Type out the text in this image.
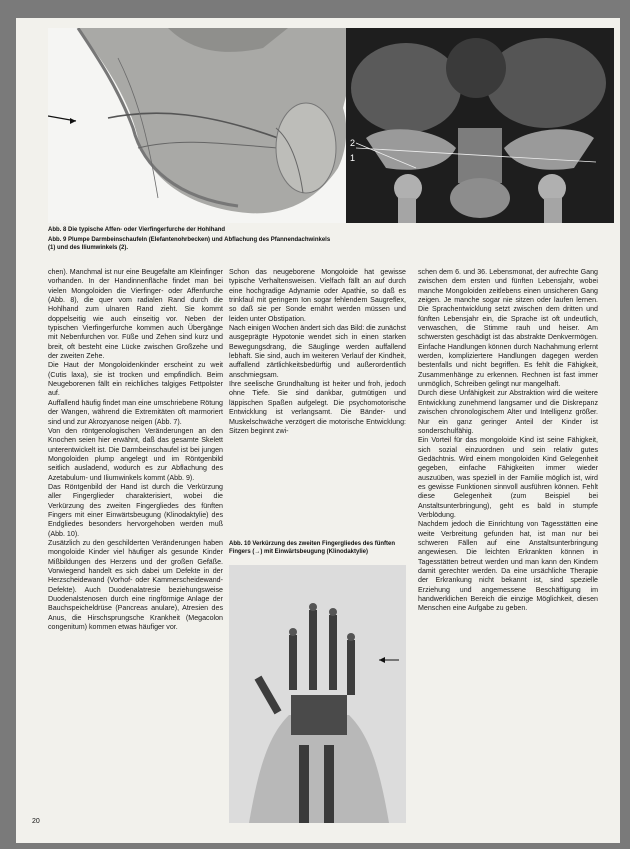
2
1
Abb. 8 Die typische Affen- oder Vierfingerfurche der Hohlhand
Abb. 9 Plumpe Darmbeinschaufeln (Elefantenohrbecken) und Abflachung des Pfannendachwinkels (1) und des Iliumwinkels (2).

chen). Manchmal ist nur eine Beugefalte am Kleinfinger vorhanden. In der Handinnenfläche findet man bei vielen Mongoloiden die Vierfinger- oder Affenfurche (Abb. 8), die quer vom radialen Rand durch die Hohlhand zum ulnaren Rand zieht. Sie kommt doppelseitig wie auch einseitig vor. Neben der typischen Vierfingerfurche kommen auch Übergänge mit Nebenfurchen vor. Füße und Zehen sind kurz und breit, oft besteht eine Lücke zwischen Großzehe und der zweiten Zehe.

Die Haut der Mongoloidenkinder erscheint zu weit (Cutis laxa), sie ist trocken und empfindlich. Beim Neugeborenen fällt ein reichliches talgiges Fettpolster auf.

Auffallend häufig findet man eine umschriebene Rötung der Wangen, während die Extremitäten oft marmoriert sind und zur Akrozyanose neigen (Abb. 7).

Von den röntgenologischen Veränderungen an den Knochen seien hier erwähnt, daß das gesamte Skelett unterentwickelt ist. Die Darmbeinschaufel ist bei jungen Mongoloiden plump angelegt und im Röntgenbild seitlich ausladend, wodurch es zur Abflachung des Azetabulum- und Iliumwinkels kommt (Abb. 9).

Das Röntgenbild der Hand ist durch die Verkürzung aller Fingerglieder charakterisiert, wobei die Verkürzung des zweiten Fingergliedes des fünften Fingers mit einer Einwärtsbeugung (Klinodaktylie) des Endgliedes besonders hervorgehoben werden muß (Abb. 10).

Zusätzlich zu den geschilderten Veränderungen haben mongoloide Kinder viel häufiger als gesunde Kinder Mißbildungen des Herzens und der großen Gefäße. Vorwiegend handelt es sich dabei um Defekte in der Herzscheidewand (Vorhof- oder Kammerscheidewand-Defekte). Auch Duodenalatresie beziehungsweise Duodenalstenosen durch eine ringförmige Anlage der Bauchspeicheldrüse (Pancreas anulare), Atresien des Anus, die Hirschsprungsche Krankheit (Megacolon congenitum) kommen etwas häufiger vor.

Schon das neugeborene Mongoloide hat gewisse typische Verhaltensweisen. Vielfach fällt an auf durch eine hochgradige Adynamie oder Apathie, so daß es trinkfaul mit geringem Ion sogar fehlendem Saugreflex, so daß sie per Sonde ernährt werden müssen und leiden unter Obstipation.

Nach einigen Wochen ändert sich das Bild: die zunächst ausgeprägte Hypotonie wendet sich in einen starken Bewegungsdrang, die Säuglinge werden auffallend lebhaft. Sie sind, auch im weiteren Verlauf der Kindheit, auffallend zärtlichkeitsbedürftig und außerordentlich anschmiegsam.

Ihre seelische Grundhaltung ist heiter und froh, jedoch ohne Tiefe. Sie sind dankbar, gutmütigen und läppischen Spaßen aufgelegt. Die psychomotorische Entwicklung ist verlangsamt. Die Bänder- und Muskelschwäche verzögert die motorische Entwicklung: Sitzen beginnt zwi-

Abb. 10 Verkürzung des zweiten Fingergliedes des fünften Fingers (→) mit Einwärtsbeugung (Klinodaktylie)

schen dem 6. und 36. Lebensmonat, der aufrechte Gang zwischen dem ersten und fünften Lebensjahr, wobei manche Mongoloiden zeitlebens einen unsicheren Gang zeigen. Je manche sogar nie sitzen oder laufen lernen. Die Sprachentwicklung setzt zwischen dem dritten und fünften Lebensjahr ein, die Sprache ist oft undeutlich, verwaschen, die Stimme rauh und heiser. Am schwersten geschädigt ist das abstrakte Denkvermögen. Einfache Handlungen können durch Nachahmung erlernt werden, kompliziertere Handlungen dagegen werden bestenfalls und nicht begriffen. Es fehlt die Fähigkeit, Zusammenhänge zu erkennen. Rechnen ist fast immer unmöglich, Schreiben gelingt nur mangelhaft.

Durch diese Unfähigkeit zur Abstraktion wird die weitere Entwicklung zunehmend langsamer und die Diskrepanz zwischen chronologischem Alter und Intelligenz größer. Nur ein ganz geringer Anteil der Kinder ist sonderschulfähig.

Ein Vorteil für das mongoloide Kind ist seine Fähigkeit, sich sozial einzuordnen und sein relativ gutes Gedächtnis. Wird einem mongoloiden Kind Gelegenheit gegeben, einfache Fähigkeiten immer wieder auszuüben, was speziell in der Familie möglich ist, wird es gewisse Funktionen sinnvoll ausführen können. Fehlt diese Gelegenheit (zum Beispiel bei Anstaltsunterbringung), geht es bald in stumpfe Verblödung.

Nachdem jedoch die Einrichtung von Tagesstätten eine weite Verbreitung gefunden hat, ist man nur bei schweren Fällen auf eine Anstaltsunterbringung angewiesen. Die leichten Erkrankten können in Tagesstätten betreut werden und man kann den Kindern damit gerechter werden. Da eine ursächliche Therapie der Erkrankung nicht bekannt ist, sind spezielle Erziehung und angemessene Beschäftigung im handwerklichen Bereich die einzige Möglichkeit, diesen Menschen eine Aufgabe zu geben.

20
